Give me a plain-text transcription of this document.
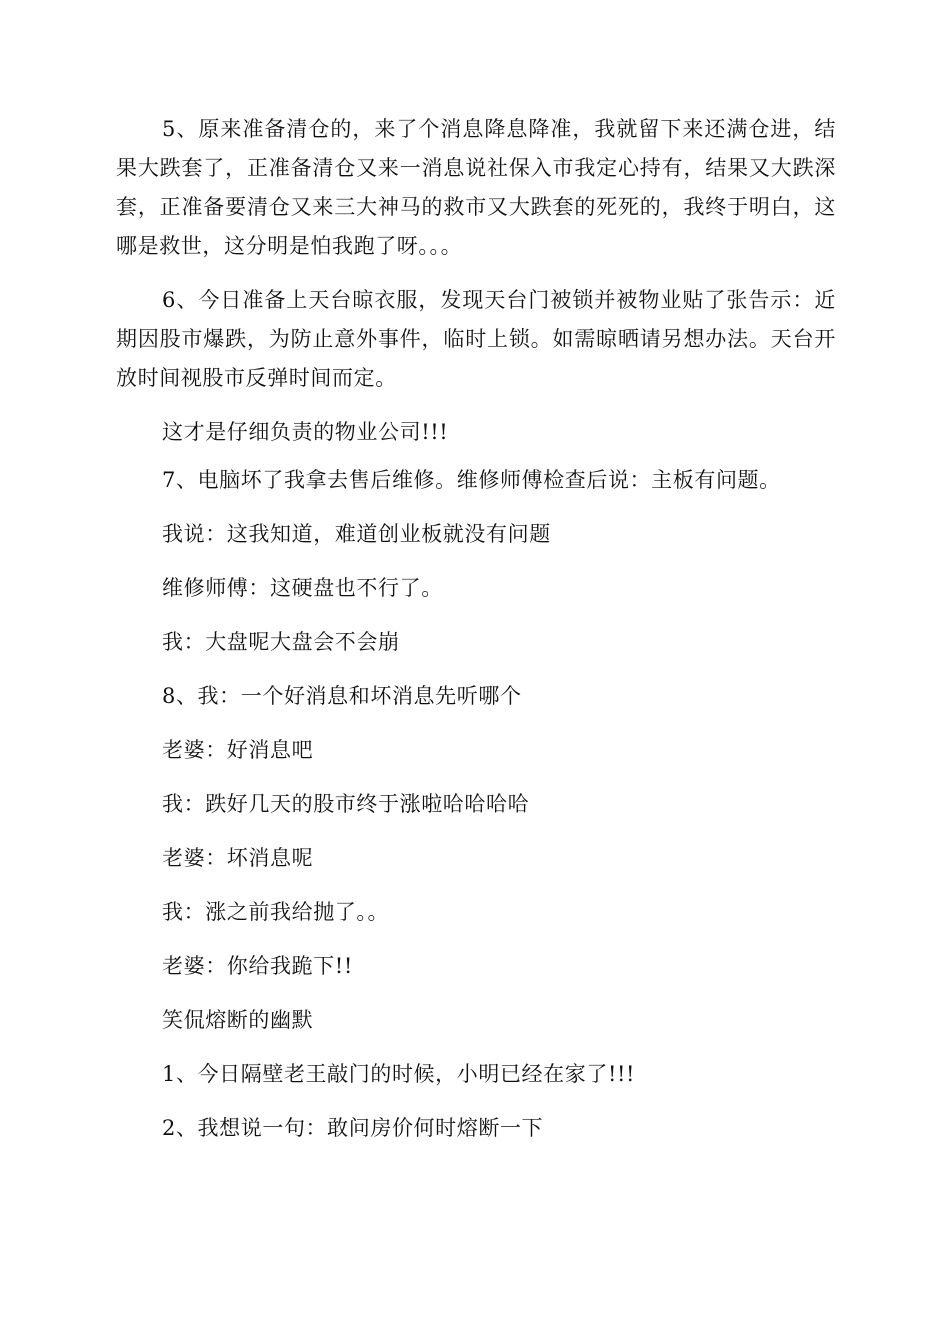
5、原来准备清仓的，来了个消息降息降准，我就留下来还满仓进，结果大跌套了，正准备清仓又来一消息说社保入市我定心持有，结果又大跌深套，正准备要清仓又来三大神马的救市又大跌套的死死的，我终于明白，这哪是救世，这分明是怕我跑了呀。。。

6、今日准备上天台晾衣服，发现天台门被锁并被物业贴了张告示：近期因股市爆跌，为防止意外事件，临时上锁。如需晾晒请另想办法。天台开放时间视股市反弹时间而定。

这才是仔细负责的物业公司!!!

7、电脑坏了我拿去售后维修。维修师傅检查后说：主板有问题。

我说：这我知道，难道创业板就没有问题

维修师傅：这硬盘也不行了。

我：大盘呢大盘会不会崩

8、我：一个好消息和坏消息先听哪个

老婆：好消息吧

我：跌好几天的股市终于涨啦哈哈哈哈

老婆：坏消息呢

我：涨之前我给抛了。。

老婆：你给我跪下!!

笑侃熔断的幽默

1、今日隔壁老王敲门的时候，小明已经在家了!!!

2、我想说一句：敢问房价何时熔断一下
